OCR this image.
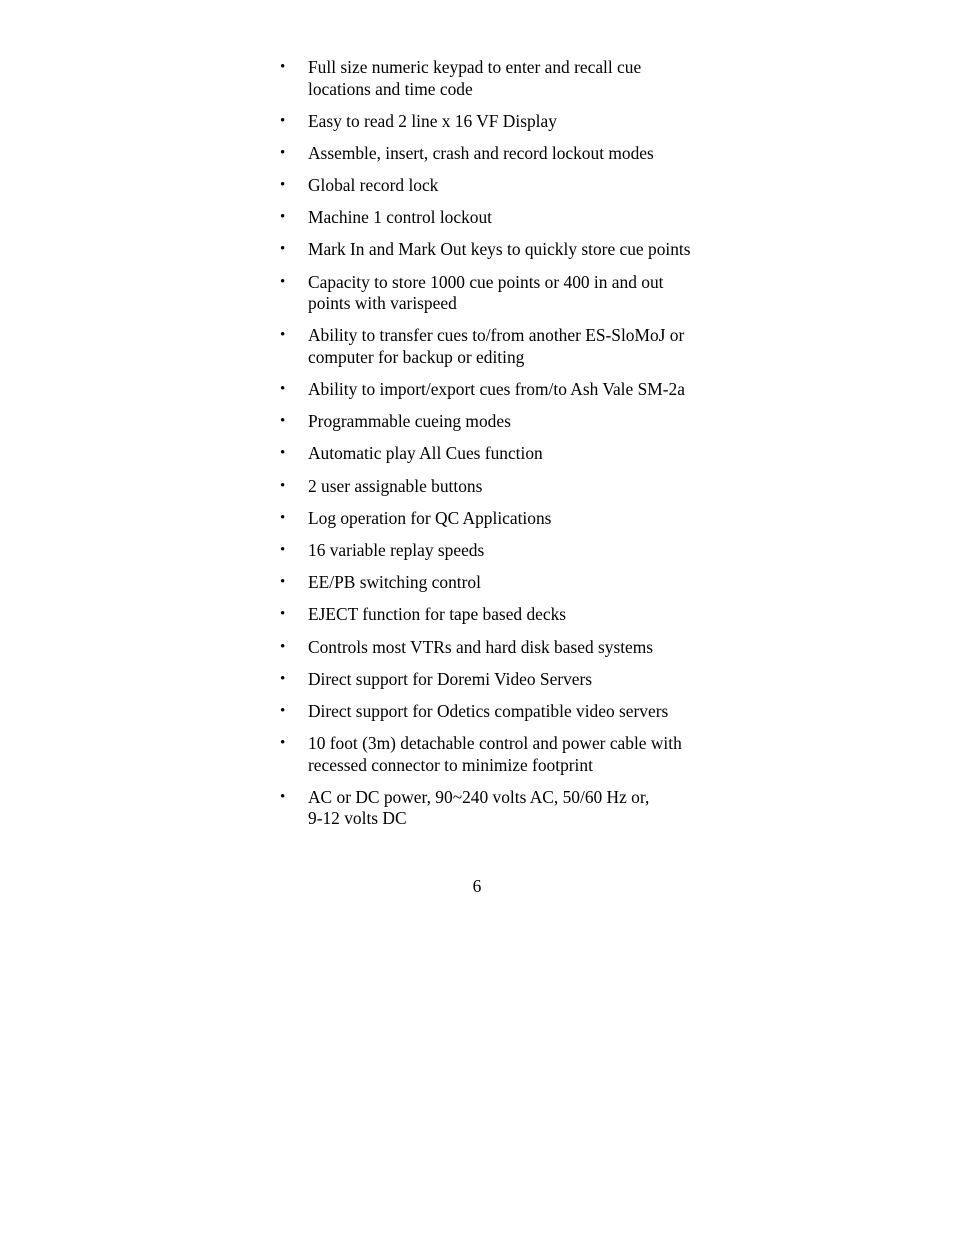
•	Full size numeric keypad to enter and recall cue
locations and time code
•	Easy to read 2 line x 16 VF Display
•	Assemble, insert, crash and record lockout modes
•	Global record lock
•	Machine 1 control lockout
•	Mark In and Mark Out keys to quickly store cue points
•	Capacity to store 1000 cue points or 400 in and out
points with varispeed
•	Ability to transfer cues to/from another ES-SloMoJ or
computer for backup or editing
•	Ability to import/export cues from/to Ash Vale SM-2a
•	Programmable cueing modes
•	Automatic play All Cues function
•	2 user assignable buttons
•	Log operation for QC Applications
•	16 variable replay speeds
•	EE/PB switching control
•	EJECT function for tape based decks
•	Controls most VTRs and hard disk based systems
•	Direct support for Doremi Video Servers
•	Direct support for Odetics compatible video servers
•	10 foot (3m) detachable control and power cable with
recessed connector to minimize footprint
•	AC or DC power, 90~240 volts AC, 50/60 Hz or,
9-12 volts DC
6
